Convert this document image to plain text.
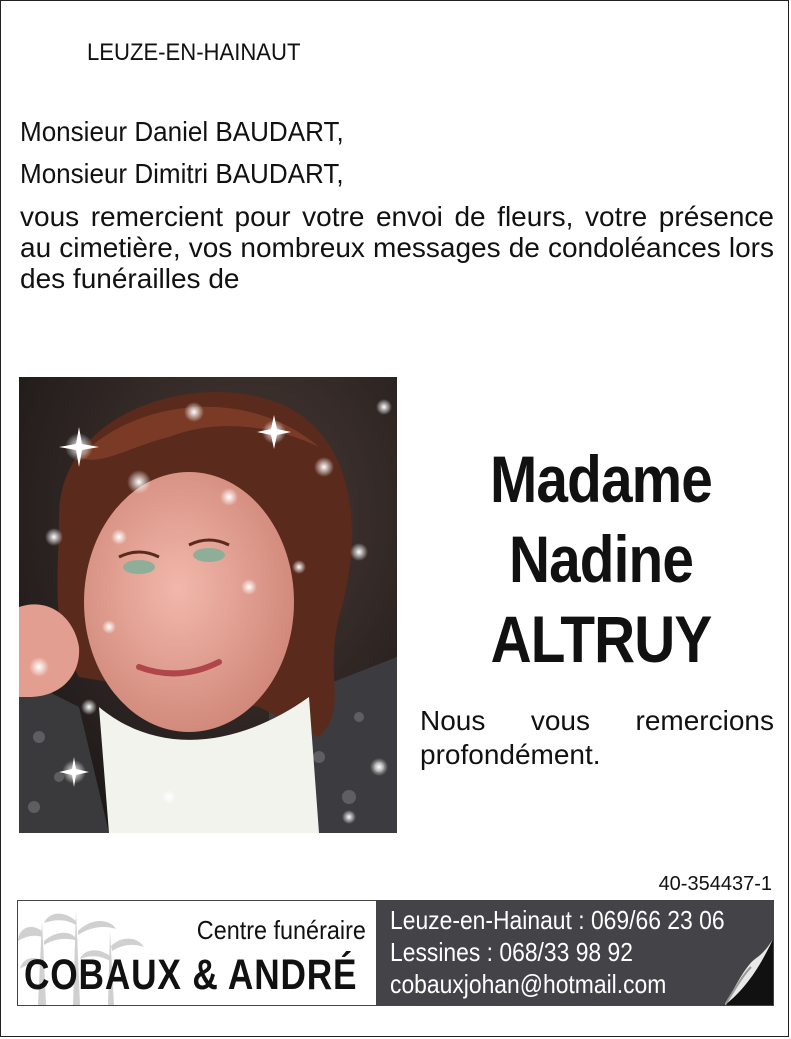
LEUZE-EN-HAINAUT
Monsieur Daniel BAUDART,
Monsieur Dimitri BAUDART,
vous remercient pour votre envoi de fleurs, votre présence au cimetière, vos nombreux messages de condoléances lors des funérailles de
Madame
Nadine
ALTRUY
Nous vous remercions profondément.
40-354437-1
Centre funéraire
COBAUX & ANDRÉ
Leuze-en-Hainaut : 069/66 23 06
Lessines : 068/33 98 92
cobauxjohan@hotmail.com
